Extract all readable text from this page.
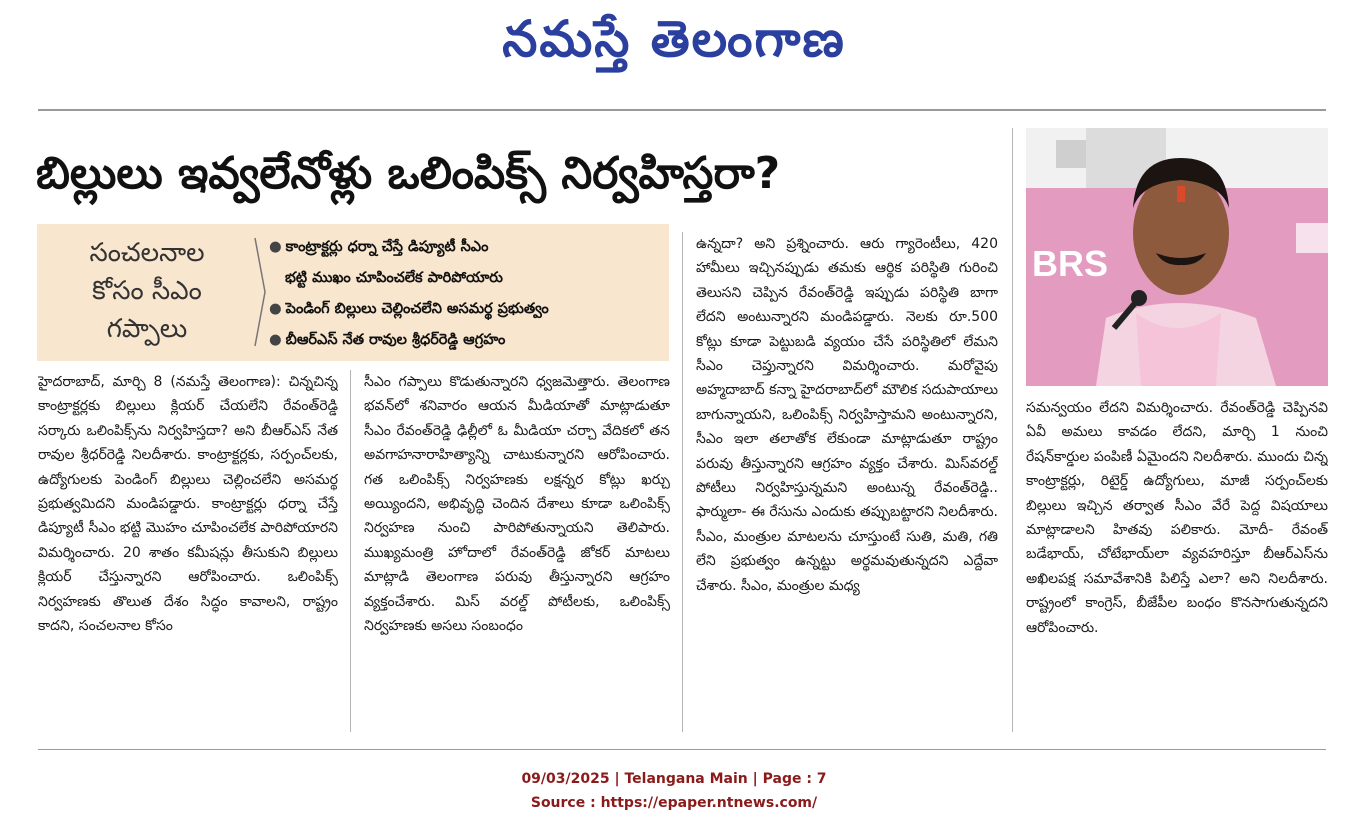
నమస్తే తెలంగాణ
బిల్లులు ఇవ్వలేనోళ్లు ఒలింపిక్స్ నిర్వహిస్తరా?
సంచలనాల
కోసం సీఎం
గప్పాలు
● కాంట్రాక్టర్లు ధర్నా చేస్తే డిప్యూటీ సీఎం
భట్టి ముఖం చూపించలేక పారిపోయారు
● పెండింగ్ బిల్లులు చెల్లించలేని అసమర్థ ప్రభుత్వం
● బీఆర్ఎస్ నేత రావుల శ్రీధర్‌రెడ్డి ఆగ్రహం
BRS

హైదరాబాద్, మార్చి 8 (నమస్తే తెలంగాణ): చిన్నచిన్న కాంట్రాక్టర్లకు బిల్లులు క్లియర్ చేయలేని రేవంత్‌రెడ్డి సర్కారు ఒలింపిక్స్‌ను నిర్వహిస్తదా? అని బీఆర్ఎస్ నేత రావుల శ్రీధర్‌రెడ్డి నిలదీశారు. కాంట్రాక్టర్లకు, సర్పంచ్‌లకు, ఉద్యోగులకు పెండింగ్ బిల్లులు చెల్లించలేని అసమర్థ ప్రభుత్వమిదని మండిపడ్డారు. కాంట్రాక్టర్లు ధర్నా చేస్తే డిప్యూటీ సీఎం భట్టి మొహం చూపించలేక పారిపోయారని విమర్శించారు. 20 శాతం కమీషన్లు తీసుకుని బిల్లులు క్లియర్ చేస్తున్నారని ఆరోపించారు. ఒలింపిక్స్ నిర్వహణకు తొలుత దేశం సిద్ధం కావాలని, రాష్ట్రం కాదని, సంచలనాల కోసం

సీఎం గప్పాలు కొడుతున్నారని ధ్వజమెత్తారు. తెలంగాణ భవన్‌లో శనివారం ఆయన మీడియాతో మాట్లాడుతూ సీఎం రేవంత్‌రెడ్డి ఢిల్లీలో ఓ మీడియా చర్చా వేదికలో తన అవగాహనారాహిత్యాన్ని చాటుకున్నారని ఆరోపించారు. గత ఒలింపిక్స్ నిర్వహణకు లక్షన్నర కోట్లు ఖర్చు అయ్యిందని, అభివృద్ధి చెందిన దేశాలు కూడా ఒలింపిక్స్ నిర్వహణ నుంచి పారిపోతున్నాయని తెలిపారు. ముఖ్యమంత్రి హోదాలో రేవంత్‌రెడ్డి జోకర్ మాటలు మాట్లాడి తెలంగాణ పరువు తీస్తున్నారని ఆగ్రహం వ్యక్తంచేశారు. మిస్ వరల్డ్ పోటీలకు, ఒలింపిక్స్ నిర్వహణకు అసలు సంబంధం

ఉన్నదా? అని ప్రశ్నించారు. ఆరు గ్యారెంటీలు, 420 హామీలు ఇచ్చినప్పుడు తమకు ఆర్థిక పరిస్థితి గురించి తెలుసని చెప్పిన రేవంత్‌రెడ్డి ఇప్పుడు పరిస్థితి బాగా లేదని అంటున్నారని మండిపడ్డారు. నెలకు రూ.500 కోట్లు కూడా పెట్టుబడి వ్యయం చేసే పరిస్థితిలో లేమని సీఎం చెప్తున్నారని విమర్శించారు. మరోవైపు అహ్మదాబాద్ కన్నా హైదరాబాద్‌లో మౌలిక సదుపాయాలు బాగున్నాయని, ఒలింపిక్స్ నిర్వహిస్తామని అంటున్నారని, సీఎం ఇలా తలాతోక లేకుండా మాట్లాడుతూ రాష్ట్రం పరువు తీస్తున్నారని ఆగ్రహం వ్యక్తం చేశారు. మిస్‌వరల్డ్ పోటీలు నిర్వహిస్తున్నమని అంటున్న రేవంత్‌రెడ్డి.. ఫార్ములా- ఈ రేసును ఎందుకు తప్పుబట్టారని నిలదీశారు. సీఎం, మంత్రుల మాటలను చూస్తుంటే సుతి, మతి, గతి లేని ప్రభుత్వం ఉన్నట్టు అర్థమవుతున్నదని ఎద్దేవా చేశారు. సీఎం, మంత్రుల మధ్య

సమన్వయం లేదని విమర్శించారు. రేవంత్‌రెడ్డి చెప్పినవి ఏవీ అమలు కావడం లేదని, మార్చి 1 నుంచి రేషన్‌కార్డుల పంపిణీ ఏమైందని నిలదీశారు. ముందు చిన్న కాంట్రాక్టర్లు, రిటైర్డ్ ఉద్యోగులు, మాజీ సర్పంచ్‌లకు బిల్లులు ఇచ్చిన తర్వాత సీఎం వేరే పెద్ద విషయాలు మాట్లాడాలని హితవు పలికారు. మోదీ- రేవంత్ బడేభాయ్, చోటేభాయ్‌లా వ్యవహరిస్తూ బీఆర్ఎస్‌ను అఖిలపక్ష సమావేశానికి పిలిస్తే ఎలా? అని నిలదీశారు. రాష్ట్రంలో కాంగ్రెస్, బీజేపీల బంధం కొనసాగుతున్నదని ఆరోపించారు.

09/03/2025 | Telangana Main | Page : 7
Source : https://epaper.ntnews.com/
